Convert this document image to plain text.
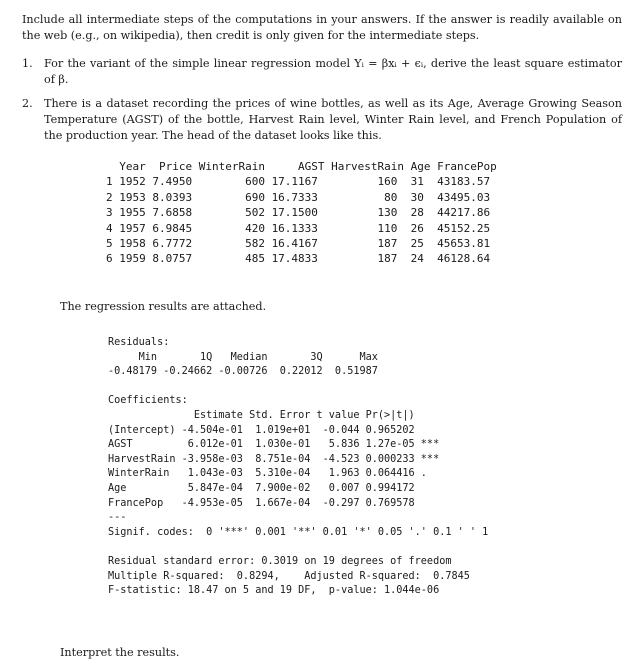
Include all intermediate steps of the computations in your answers. If the answer is readily available on the web (e.g., on wikipedia), then credit is only given for the intermediate steps.
1. For the variant of the simple linear regression model Yᵢ = βxᵢ + ϵᵢ, derive the least square estimator of β.
2. There is a dataset recording the prices of wine bottles, as well as its Age, Average Growing Season Temperature (AGST) of the bottle, Harvest Rain level, Winter Rain level, and French Population of the production year. The head of the dataset looks like this.
Year  Price WinterRain     AGST HarvestRain Age FrancePop
1 1952 7.4950        600 17.1167         160  31  43183.57
2 1953 8.0393        690 16.7333          80  30  43495.03
3 1955 7.6858        502 17.1500         130  28  44217.86
4 1957 6.9845        420 16.1333         110  26  45152.25
5 1958 6.7772        582 16.4167         187  25  45653.81
6 1959 8.0757        485 17.4833         187  24  46128.64
The regression results are attached.
Residuals:
Min       1Q   Median       3Q      Max
-0.48179 -0.24662 -0.00726  0.22012  0.51987

Coefficients:
Estimate Std. Error t value Pr(>|t|)
(Intercept) -4.504e-01  1.019e+01  -0.044 0.965202
AGST         6.012e-01  1.030e-01   5.836 1.27e-05 ***
HarvestRain -3.958e-03  8.751e-04  -4.523 0.000233 ***
WinterRain   1.043e-03  5.310e-04   1.963 0.064416 .
Age          5.847e-04  7.900e-02   0.007 0.994172
FrancePop   -4.953e-05  1.667e-04  -0.297 0.769578
---
Signif. codes:  0 '***' 0.001 '**' 0.01 '*' 0.05 '.' 0.1 ' ' 1

Residual standard error: 0.3019 on 19 degrees of freedom
Multiple R-squared:  0.8294,    Adjusted R-squared:  0.7845
F-statistic: 18.47 on 5 and 19 DF,  p-value: 1.044e-06
Interpret the results.
